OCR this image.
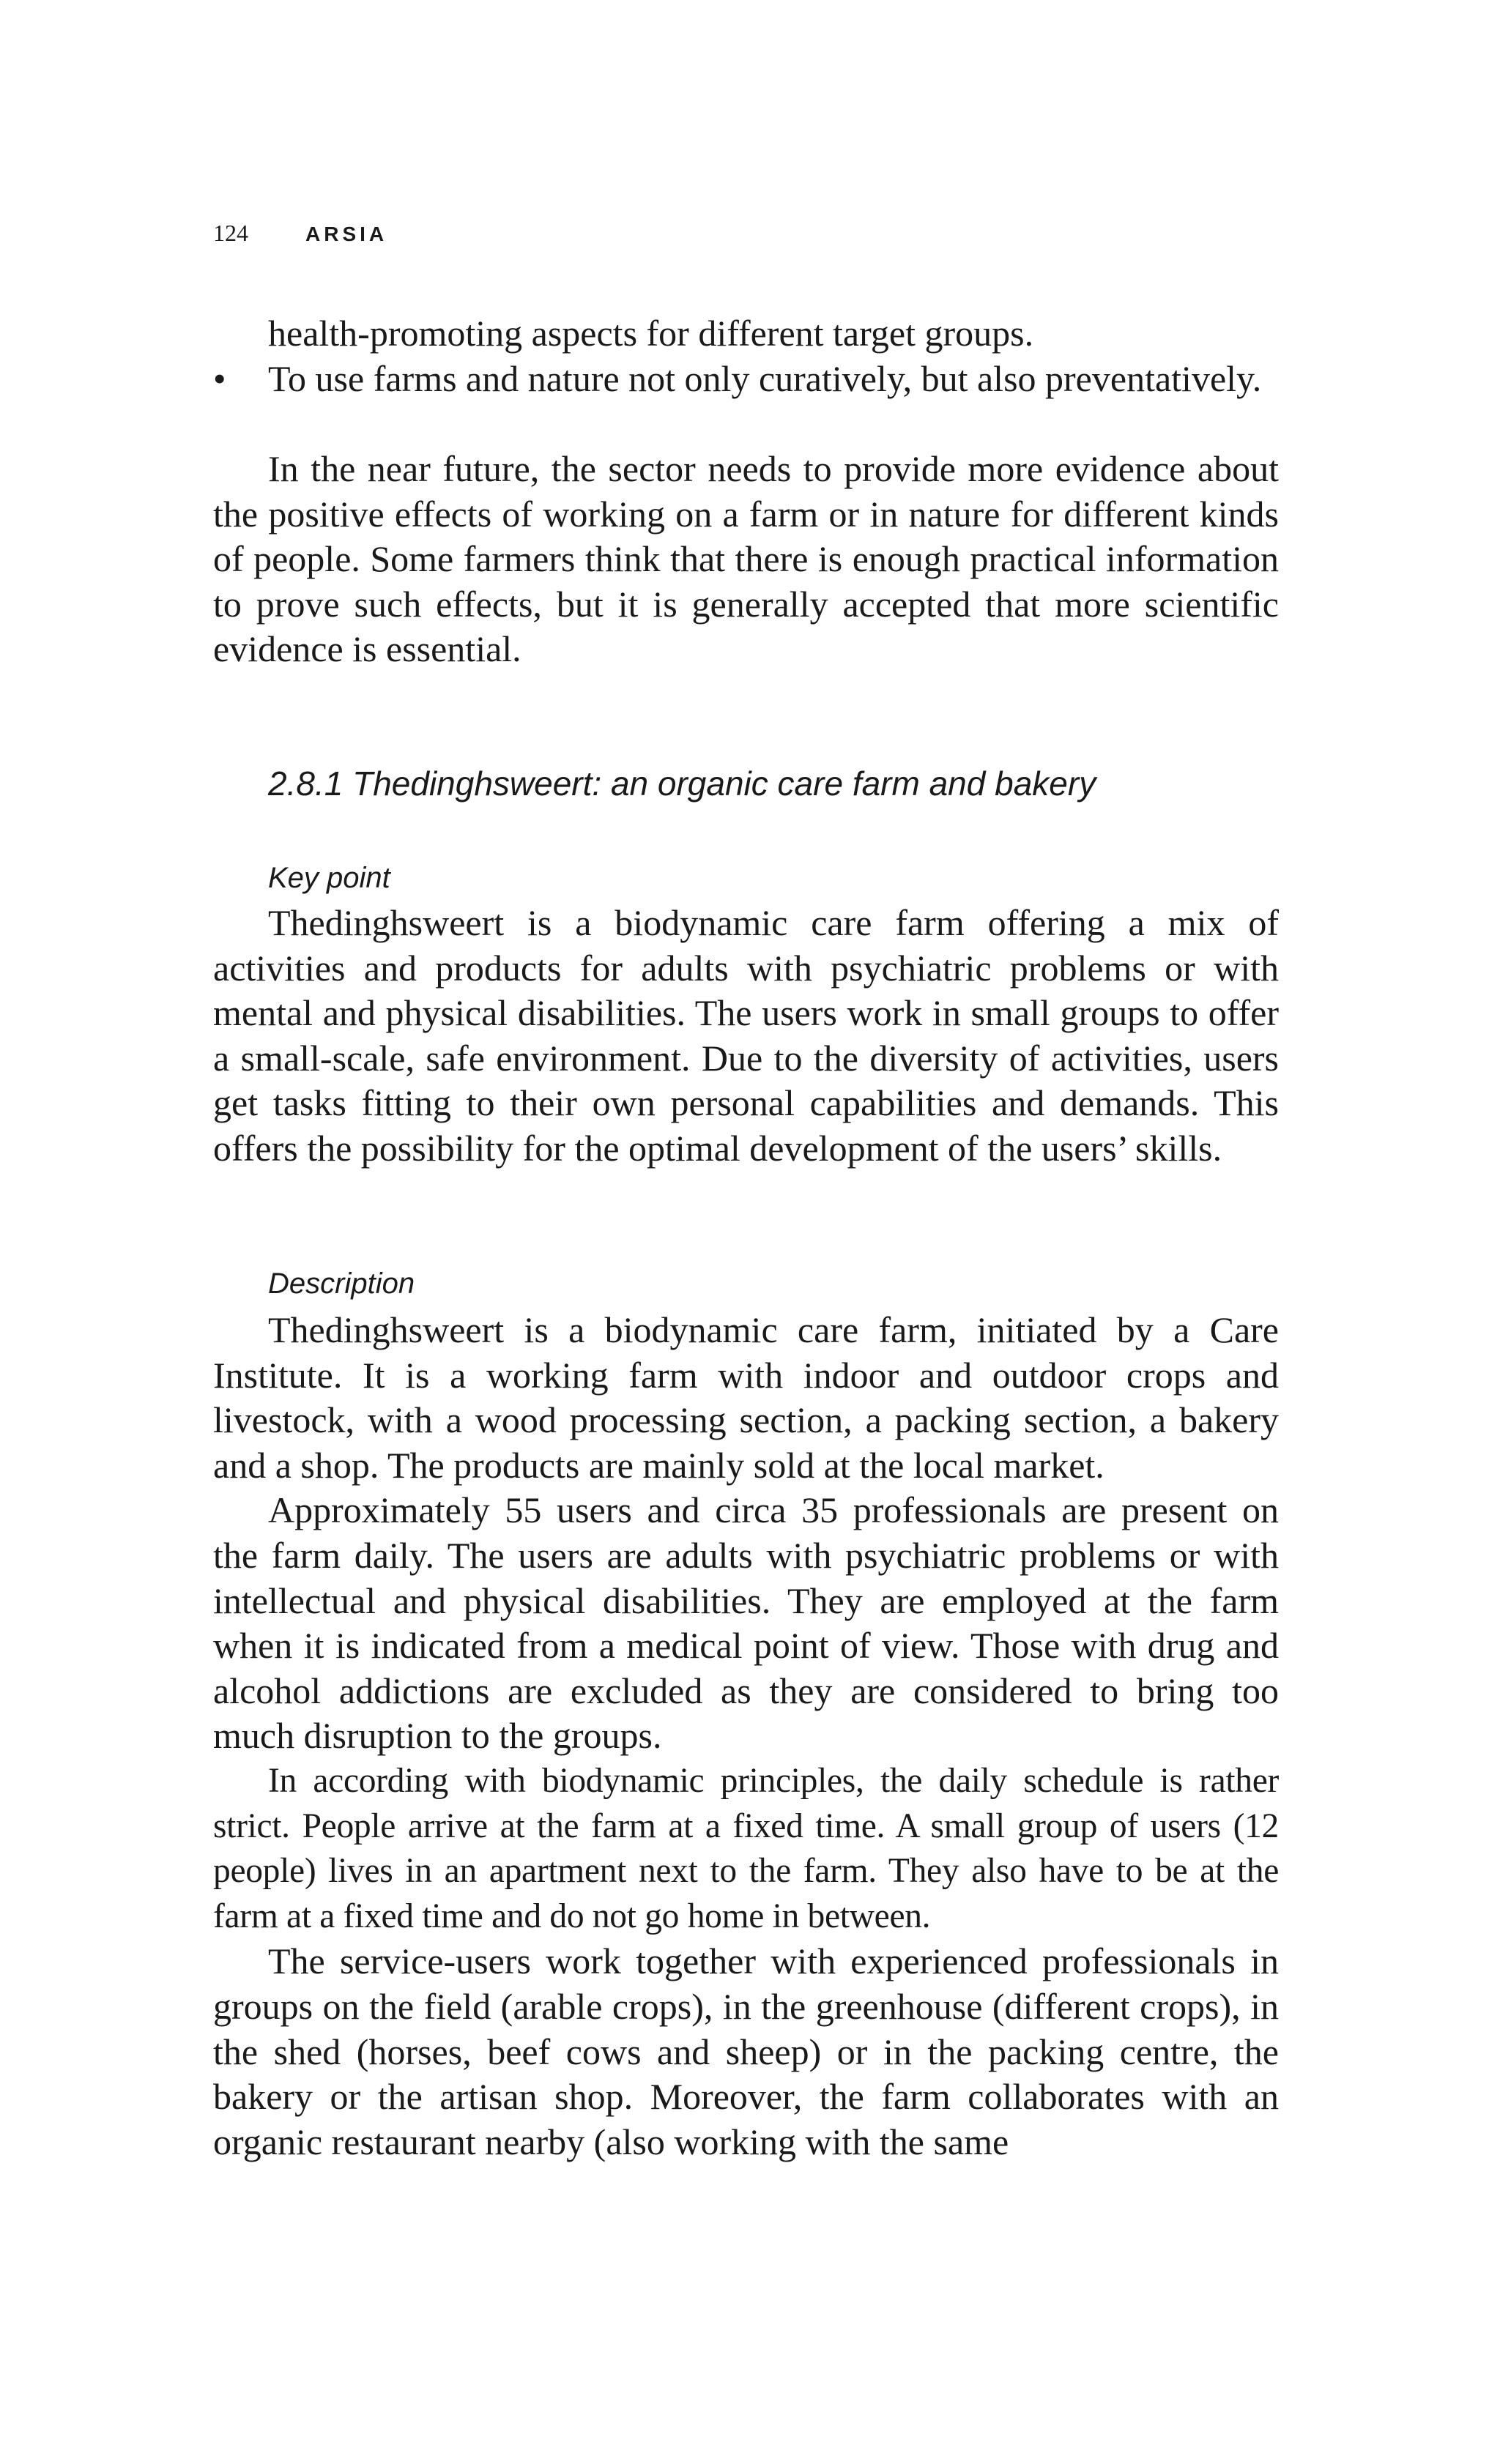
124	ARSIA

health-promoting aspects for different target groups.

•	To use farms and nature not only curatively, but also preventatively.

In the near future, the sector needs to provide more evidence about the positive effects of working on a farm or in nature for different kinds of people. Some farmers think that there is enough practical information to prove such effects, but it is generally accepted that more scientific evidence is essential.

2.8.1 Thedinghsweert: an organic care farm and bakery
Key point

Thedinghsweert is a biodynamic care farm offering a mix of activities and products for adults with psychiatric problems or with mental and physical disabilities. The users work in small groups to offer a small-scale, safe environment. Due to the diversity of activities, users get tasks fitting to their own personal capabilities and demands. This offers the possibility for the optimal development of the users’ skills.

Description

Thedinghsweert is a biodynamic care farm, initiated by a Care Institute. It is a working farm with indoor and outdoor crops and livestock, with a wood processing section, a packing section, a bakery and a shop. The products are mainly sold at the local market.

Approximately 55 users and circa 35 professionals are present on the farm daily. The users are adults with psychiatric problems or with intellectual and physical disabilities. They are employed at the farm when it is indicated from a medical point of view. Those with drug and alcohol addictions are excluded as they are considered to bring too much disruption to the groups.

In according with biodynamic principles, the daily schedule is rather strict. People arrive at the farm at a fixed time. A small group of users (12 people) lives in an apartment next to the farm. They also have to be at the farm at a fixed time and do not go home in between.

The service-users work together with experienced professionals in groups on the field (arable crops), in the greenhouse (different crops), in the shed (horses, beef cows and sheep) or in the packing centre, the bakery or the artisan shop. Moreover, the farm collaborates with an organic restaurant nearby (also working with the same
